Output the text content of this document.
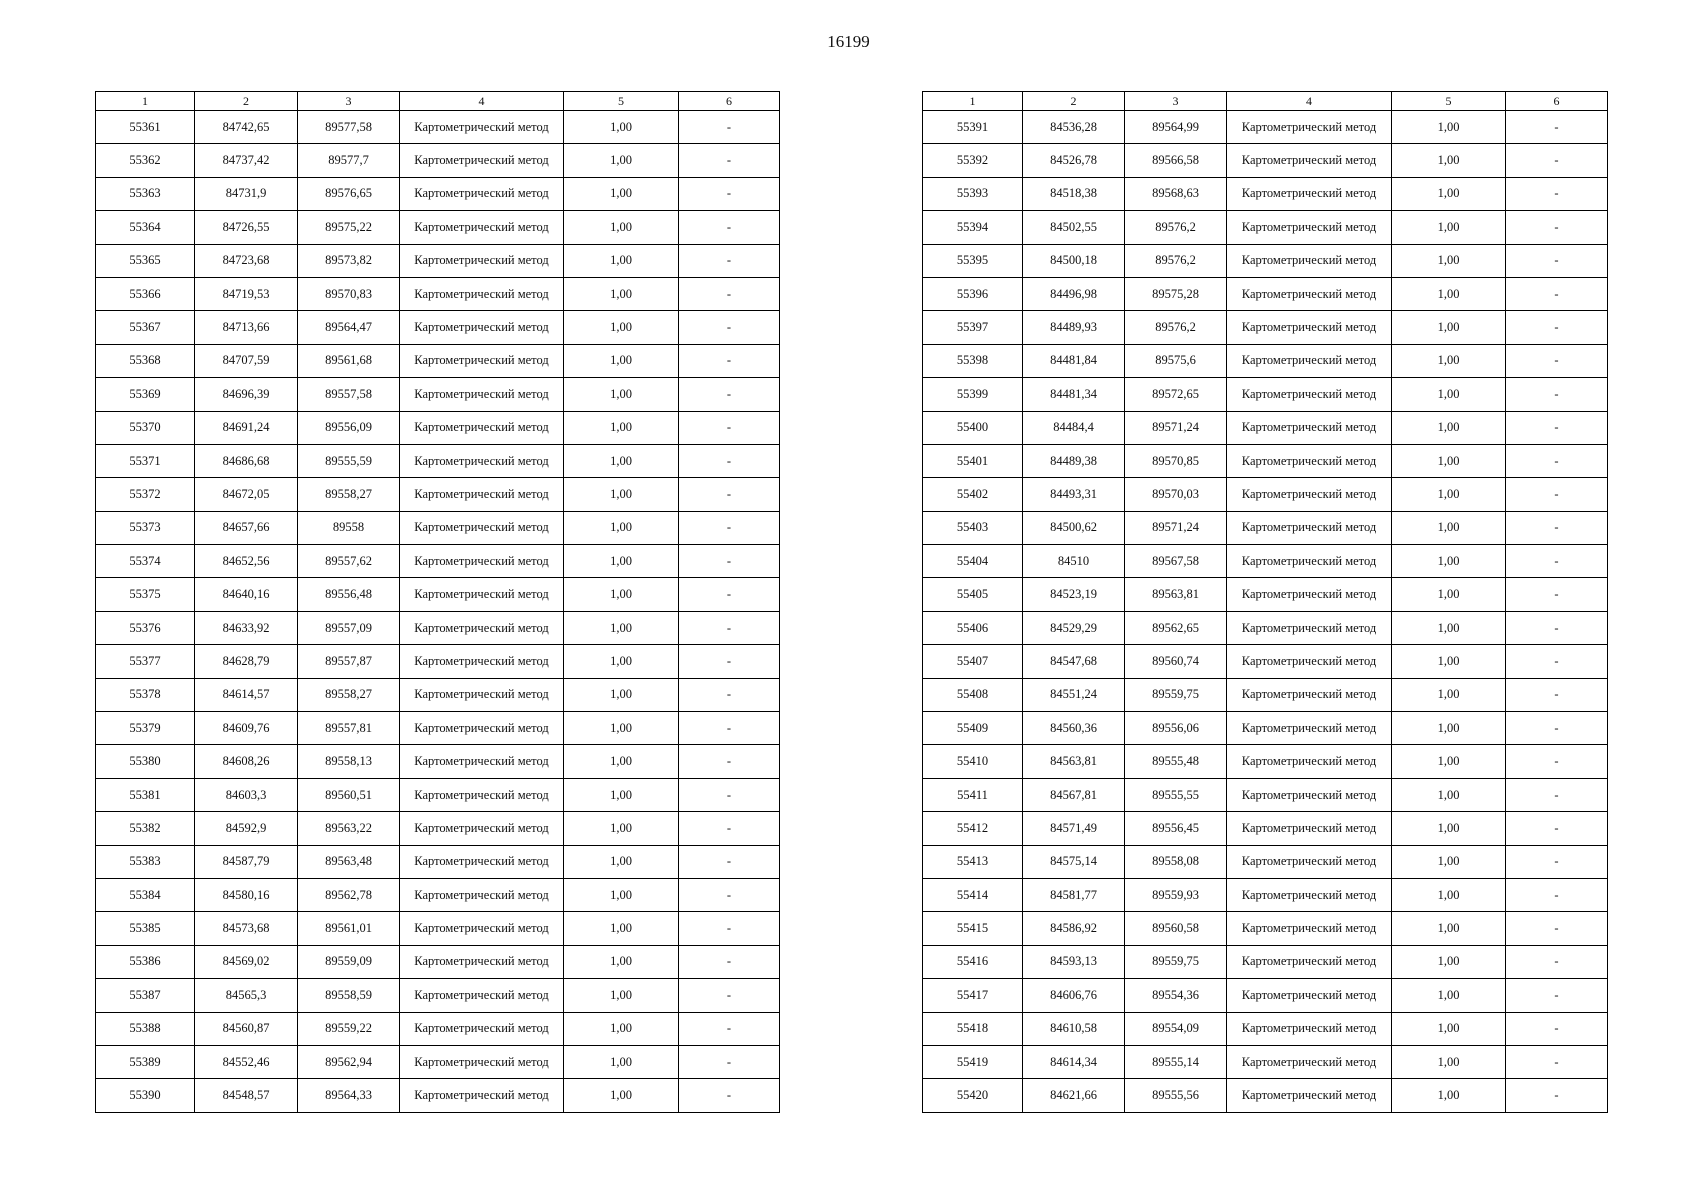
16199
1	2	3	4	5	6
55361	84742,65	89577,58	Картометрический метод	1,00	-
55362	84737,42	89577,7	Картометрический метод	1,00	-
55363	84731,9	89576,65	Картометрический метод	1,00	-
55364	84726,55	89575,22	Картометрический метод	1,00	-
55365	84723,68	89573,82	Картометрический метод	1,00	-
55366	84719,53	89570,83	Картометрический метод	1,00	-
55367	84713,66	89564,47	Картометрический метод	1,00	-
55368	84707,59	89561,68	Картометрический метод	1,00	-
55369	84696,39	89557,58	Картометрический метод	1,00	-
55370	84691,24	89556,09	Картометрический метод	1,00	-
55371	84686,68	89555,59	Картометрический метод	1,00	-
55372	84672,05	89558,27	Картометрический метод	1,00	-
55373	84657,66	89558	Картометрический метод	1,00	-
55374	84652,56	89557,62	Картометрический метод	1,00	-
55375	84640,16	89556,48	Картометрический метод	1,00	-
55376	84633,92	89557,09	Картометрический метод	1,00	-
55377	84628,79	89557,87	Картометрический метод	1,00	-
55378	84614,57	89558,27	Картометрический метод	1,00	-
55379	84609,76	89557,81	Картометрический метод	1,00	-
55380	84608,26	89558,13	Картометрический метод	1,00	-
55381	84603,3	89560,51	Картометрический метод	1,00	-
55382	84592,9	89563,22	Картометрический метод	1,00	-
55383	84587,79	89563,48	Картометрический метод	1,00	-
55384	84580,16	89562,78	Картометрический метод	1,00	-
55385	84573,68	89561,01	Картометрический метод	1,00	-
55386	84569,02	89559,09	Картометрический метод	1,00	-
55387	84565,3	89558,59	Картометрический метод	1,00	-
55388	84560,87	89559,22	Картометрический метод	1,00	-
55389	84552,46	89562,94	Картометрический метод	1,00	-
55390	84548,57	89564,33	Картометрический метод	1,00	-
1	2	3	4	5	6
55391	84536,28	89564,99	Картометрический метод	1,00	-
55392	84526,78	89566,58	Картометрический метод	1,00	-
55393	84518,38	89568,63	Картометрический метод	1,00	-
55394	84502,55	89576,2	Картометрический метод	1,00	-
55395	84500,18	89576,2	Картометрический метод	1,00	-
55396	84496,98	89575,28	Картометрический метод	1,00	-
55397	84489,93	89576,2	Картометрический метод	1,00	-
55398	84481,84	89575,6	Картометрический метод	1,00	-
55399	84481,34	89572,65	Картометрический метод	1,00	-
55400	84484,4	89571,24	Картометрический метод	1,00	-
55401	84489,38	89570,85	Картометрический метод	1,00	-
55402	84493,31	89570,03	Картометрический метод	1,00	-
55403	84500,62	89571,24	Картометрический метод	1,00	-
55404	84510	89567,58	Картометрический метод	1,00	-
55405	84523,19	89563,81	Картометрический метод	1,00	-
55406	84529,29	89562,65	Картометрический метод	1,00	-
55407	84547,68	89560,74	Картометрический метод	1,00	-
55408	84551,24	89559,75	Картометрический метод	1,00	-
55409	84560,36	89556,06	Картометрический метод	1,00	-
55410	84563,81	89555,48	Картометрический метод	1,00	-
55411	84567,81	89555,55	Картометрический метод	1,00	-
55412	84571,49	89556,45	Картометрический метод	1,00	-
55413	84575,14	89558,08	Картометрический метод	1,00	-
55414	84581,77	89559,93	Картометрический метод	1,00	-
55415	84586,92	89560,58	Картометрический метод	1,00	-
55416	84593,13	89559,75	Картометрический метод	1,00	-
55417	84606,76	89554,36	Картометрический метод	1,00	-
55418	84610,58	89554,09	Картометрический метод	1,00	-
55419	84614,34	89555,14	Картометрический метод	1,00	-
55420	84621,66	89555,56	Картометрический метод	1,00	-
